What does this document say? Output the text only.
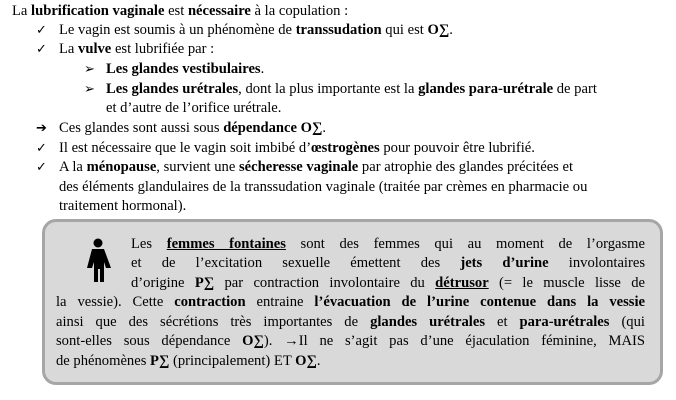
La lubrification vaginale est nécessaire à la copulation :
✓ Le vagin est soumis à un phénomène de transsudation qui est O∑.
✓ La vulve est lubrifiée par :
➢ Les glandes vestibulaires.
➢ Les glandes urétrales, dont la plus importante est la glandes para-urétrale de part
et d’autre de l’orifice urétrale.
➔ Ces glandes sont aussi sous dépendance O∑.
✓ Il est nécessaire que le vagin soit imbibé d’œstrogènes pour pouvoir être lubrifié.
✓ A la ménopause, survient une sécheresse vaginale par atrophie des glandes précitées et
des éléments glandulaires de la transsudation vaginale (traitée par crèmes en pharmacie ou
traitement hormonal).
Les femmes fontaines sont des femmes qui au moment de l’orgasme
et de l’excitation sexuelle émettent des jets d’urine involontaires
d’origine P∑ par contraction involontaire du détrusor (= le muscle lisse de
la vessie). Cette contraction entraine l’évacuation de l’urine contenue dans la vessie
ainsi que des sécrétions très importantes de glandes urétrales et para-urétrales (qui
sont-elles sous dépendance O∑). →Il ne s’agit pas d’une éjaculation féminine, MAIS
de phénomènes P∑ (principalement) ET O∑.
